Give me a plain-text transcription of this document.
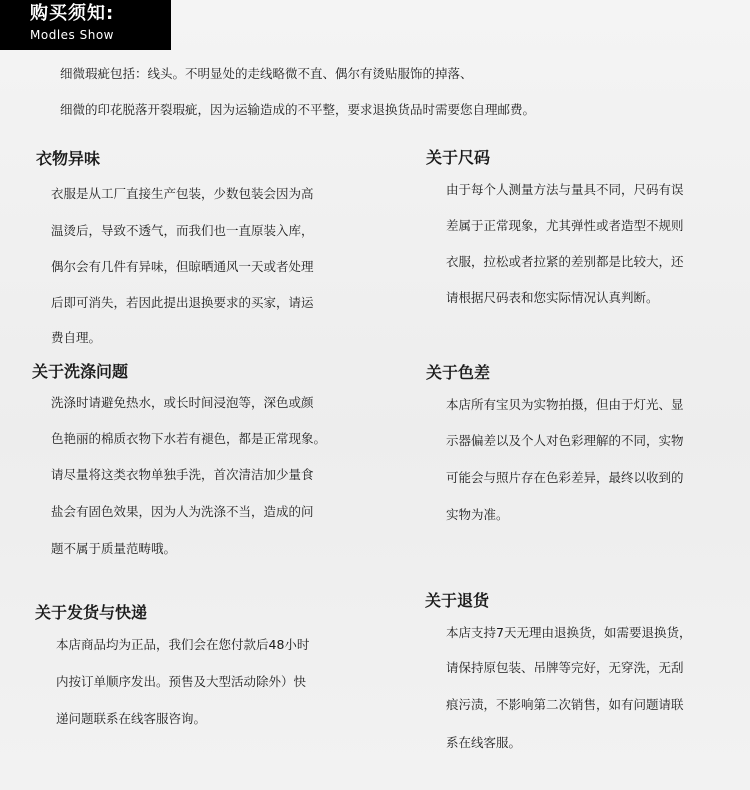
购买须知:
Modles Show
细微瑕疵包括：线头。不明显处的走线略微不直、偶尔有烫贴服饰的掉落、
细微的印花脱落开裂瑕疵，因为运输造成的不平整，要求退换货品时需要您自理邮费。
衣物异味
衣服是从工厂直接生产包装，少数包装会因为高
温烫后，导致不透气，而我们也一直原装入库，
偶尔会有几件有异味，但晾晒通风一天或者处理
后即可消失，若因此提出退换要求的买家，请运
费自理。
关于尺码
由于每个人测量方法与量具不同，尺码有误
差属于正常现象，尤其弹性或者造型不规则
衣服，拉松或者拉紧的差别都是比较大，还
请根据尺码表和您实际情况认真判断。
关于洗涤问题
洗涤时请避免热水，或长时间浸泡等，深色或颜
色艳丽的棉质衣物下水若有褪色，都是正常现象。
请尽量将这类衣物单独手洗，首次清洁加少量食
盐会有固色效果，因为人为洗涤不当，造成的问
题不属于质量范畴哦。
关于色差
本店所有宝贝为实物拍摄，但由于灯光、显
示器偏差以及个人对色彩理解的不同，实物
可能会与照片存在色彩差异，最终以收到的
实物为准。
关于发货与快递
本店商品均为正品，我们会在您付款后48小时
内按订单顺序发出。预售及大型活动除外）快
递问题联系在线客服咨询。
关于退货
本店支持7天无理由退换货，如需要退换货，
请保持原包装、吊牌等完好，无穿洗，无刮
痕污渍，不影响第二次销售，如有问题请联
系在线客服。
